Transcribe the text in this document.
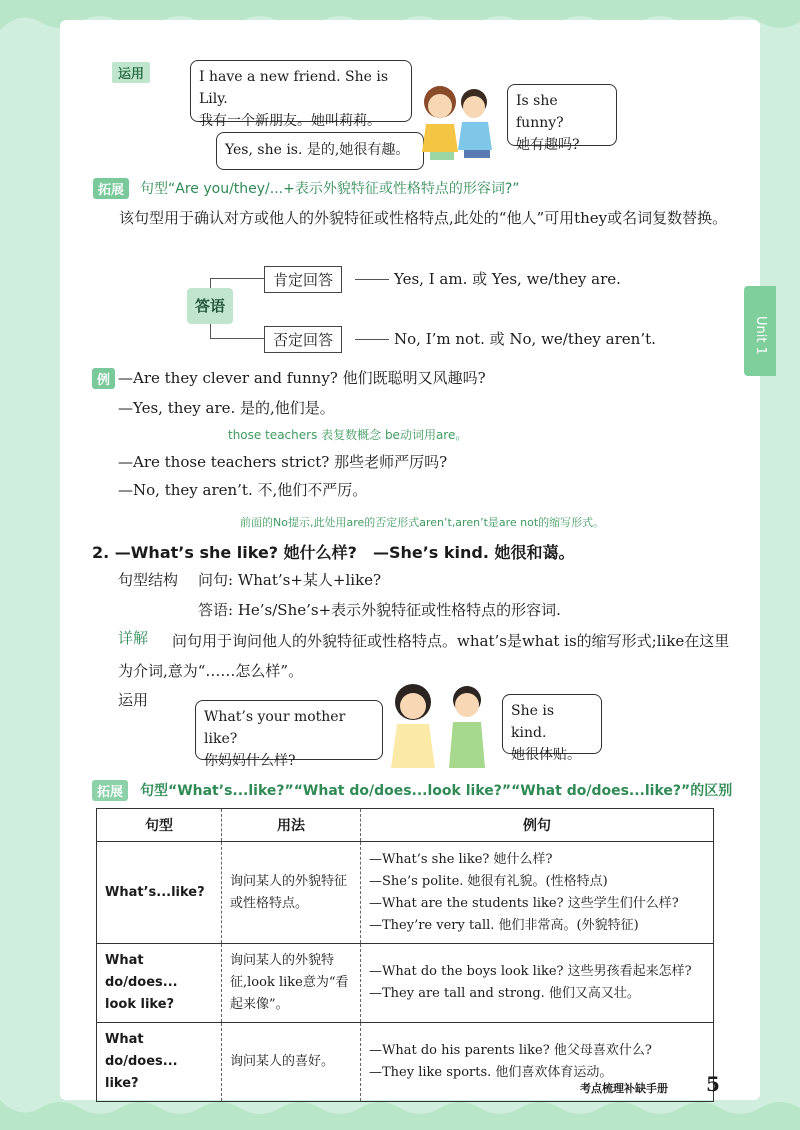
Unit 1
运用	I have a new friend. She is Lily.
我有一个新朋友。她叫莉莉。
Is she funny?
她有趣吗?
Yes, she is. 是的,她很有趣。
拓展	句型“Are you/they/...+表示外貌特征或性格特点的形容词?”
该句型用于确认对方或他人的外貌特征或性格特点,此处的“他人”可用they或名词复数替换。
答语
肯定回答	Yes, I am. 或 Yes, we/they are.
否定回答	No, I’m not. 或 No, we/they aren’t.
例 —Are they clever and funny? 他们既聪明又风趣吗?
—Yes, they are. 是的,他们是。
those teachers 表复数概念 be动词用are。
—Are those teachers strict? 那些老师严厉吗?
—No, they aren’t. 不,他们不严厉。
前面的No提示,此处用are的否定形式aren’t,aren’t是are not的缩写形式。
2. —What’s she like? 她什么样?　—She’s kind. 她很和蔼。
句型结构 问句: What’s+某人+like?
答语: He’s/She’s+表示外貌特征或性格特点的形容词.
详解	问句用于询问他人的外貌特征或性格特点。what’s是what is的缩写形式;like在这里为介词,意为“……怎么样”。
运用
What’s your mother like?
你妈妈什么样?
She is kind.
她很体贴。
拓展	句型“What’s...like?”“What do/does...look like?”“What do/does...like?”的区别
句型	用法	例句
What’s...like?	询问某人的外貌特征或性格特点。	—What’s she like? 她什么样?
—She’s polite. 她很有礼貌。(性格特点)
—What are the students like? 这些学生们什么样?
—They’re very tall. 他们非常高。(外貌特征)

What do/does... look like?	询问某人的外貌特征,look like意为“看起来像”。	—What do the boys look like? 这些男孩看起来怎样?
—They are tall and strong. 他们又高又壮。

What do/does... like?	询问某人的喜好。	—What do his parents like? 他父母喜欢什么?
—They like sports. 他们喜欢体育运动。
考点梳理补缺手册 5
